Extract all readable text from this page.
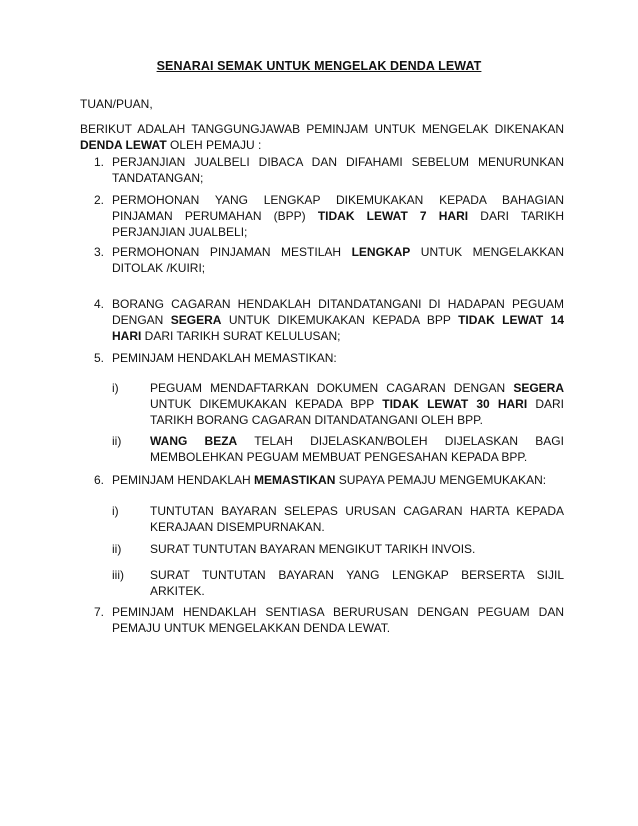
SENARAI SEMAK UNTUK MENGELAK DENDA LEWAT
TUAN/PUAN,
BERIKUT ADALAH TANGGUNGJAWAB PEMINJAM UNTUK MENGELAK DIKENAKAN DENDA LEWAT OLEH PEMAJU :
1. PERJANJIAN JUALBELI DIBACA DAN DIFAHAMI SEBELUM MENURUNKAN TANDATANGAN;
2. PERMOHONAN YANG LENGKAP DIKEMUKAKAN KEPADA BAHAGIAN PINJAMAN PERUMAHAN (BPP) TIDAK LEWAT 7 HARI DARI TARIKH PERJANJIAN JUALBELI;
3. PERMOHONAN PINJAMAN MESTILAH LENGKAP UNTUK MENGELAKKAN DITOLAK /KUIRI;
4. BORANG CAGARAN HENDAKLAH DITANDATANGANI DI HADAPAN PEGUAM DENGAN SEGERA UNTUK DIKEMUKAKAN KEPADA BPP TIDAK LEWAT 14 HARI DARI TARIKH SURAT KELULUSAN;
5. PEMINJAM HENDAKLAH MEMASTIKAN:
i)	PEGUAM MENDAFTARKAN DOKUMEN CAGARAN DENGAN SEGERA UNTUK DIKEMUKAKAN KEPADA BPP TIDAK LEWAT 30 HARI DARI TARIKH BORANG CAGARAN DITANDATANGANI OLEH BPP.
ii)	WANG BEZA TELAH DIJELASKAN/BOLEH DIJELASKAN BAGI MEMBOLEHKAN PEGUAM MEMBUAT PENGESAHAN KEPADA BPP.
6. PEMINJAM HENDAKLAH MEMASTIKAN SUPAYA PEMAJU MENGEMUKAKAN:
i)	TUNTUTAN BAYARAN SELEPAS URUSAN CAGARAN HARTA KEPADA KERAJAAN DISEMPURNAKAN.
ii)	SURAT TUNTUTAN BAYARAN MENGIKUT TARIKH INVOIS.
iii)	SURAT TUNTUTAN BAYARAN YANG LENGKAP BERSERTA SIJIL ARKITEK.
7. PEMINJAM HENDAKLAH SENTIASA BERURUSAN DENGAN PEGUAM DAN PEMAJU UNTUK MENGELAKKAN DENDA LEWAT.
